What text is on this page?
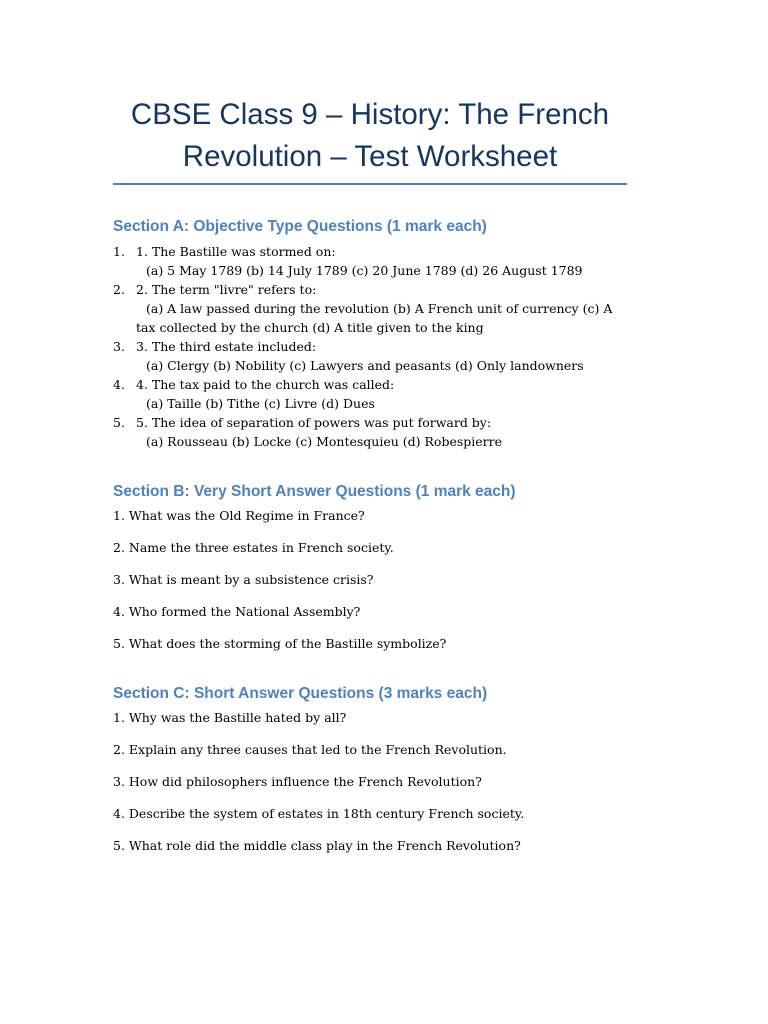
CBSE Class 9 – History: The French Revolution – Test Worksheet
Section A: Objective Type Questions (1 mark each)
1. 1. The Bastille was stormed on:
(a) 5 May 1789 (b) 14 July 1789 (c) 20 June 1789 (d) 26 August 1789
2. 2. The term "livre" refers to:
(a) A law passed during the revolution (b) A French unit of currency (c) A tax collected by the church (d) A title given to the king
3. 3. The third estate included:
(a) Clergy (b) Nobility (c) Lawyers and peasants (d) Only landowners
4. 4. The tax paid to the church was called:
(a) Taille (b) Tithe (c) Livre (d) Dues
5. 5. The idea of separation of powers was put forward by:
(a) Rousseau (b) Locke (c) Montesquieu (d) Robespierre
Section B: Very Short Answer Questions (1 mark each)
1. What was the Old Regime in France?
2. Name the three estates in French society.
3. What is meant by a subsistence crisis?
4. Who formed the National Assembly?
5. What does the storming of the Bastille symbolize?
Section C: Short Answer Questions (3 marks each)
1. Why was the Bastille hated by all?
2. Explain any three causes that led to the French Revolution.
3. How did philosophers influence the French Revolution?
4. Describe the system of estates in 18th century French society.
5. What role did the middle class play in the French Revolution?
